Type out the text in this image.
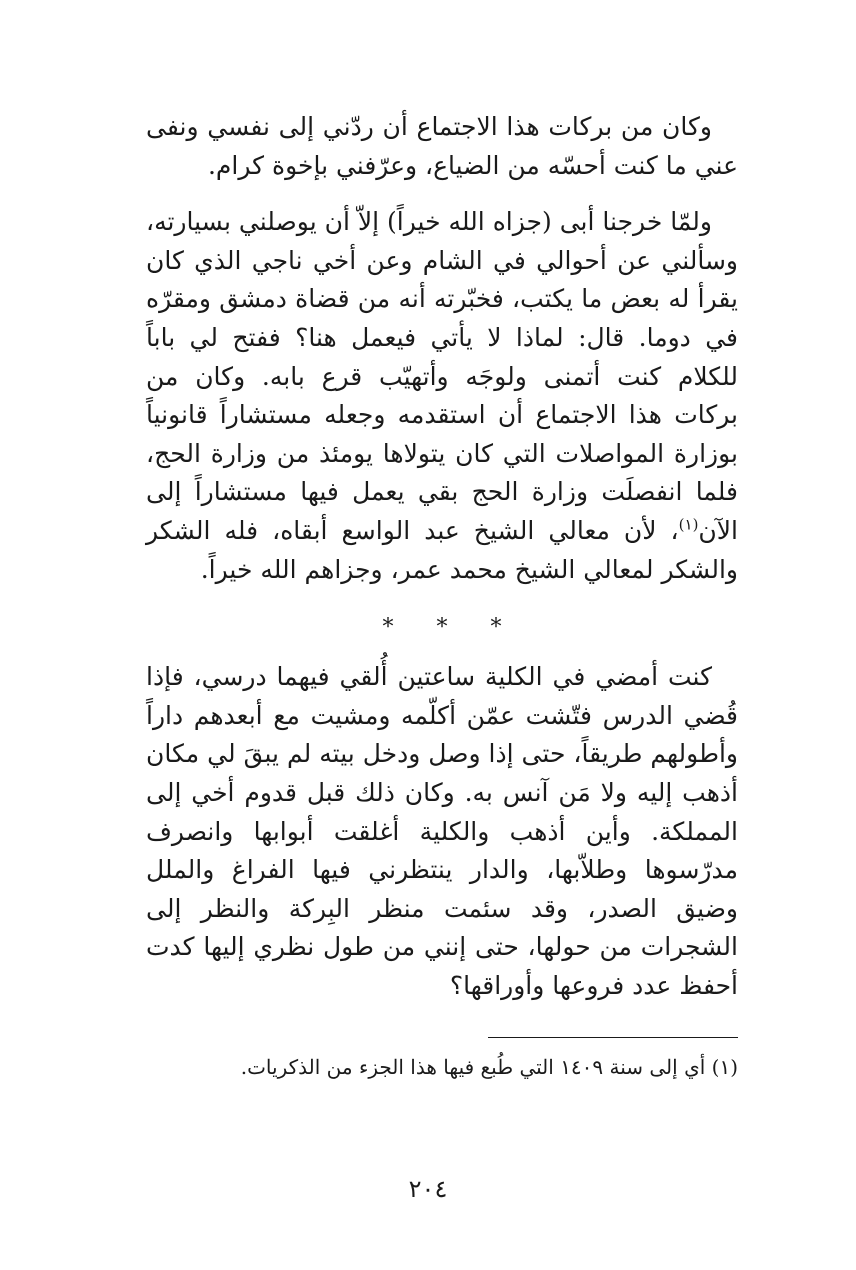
وكان من بركات هذا الاجتماع أن ردّني إلى نفسي ونفى عني ما كنت أحسّه من الضياع، وعرّفني بإخوة كرام.

ولمّا خرجنا أبى (جزاه الله خيراً) إلاّ أن يوصلني بسيارته، وسألني عن أحوالي في الشام وعن أخي ناجي الذي كان يقرأ له بعض ما يكتب، فخبّرته أنه من قضاة دمشق ومقرّه في دوما. قال: لماذا لا يأتي فيعمل هنا؟ ففتح لي باباً للكلام كنت أتمنى ولوجَه وأتهيّب قرع بابه. وكان من بركات هذا الاجتماع أن استقدمه وجعله مستشاراً قانونياً بوزارة المواصلات التي كان يتولاها يومئذ من وزارة الحج، فلما انفصلَت وزارة الحج بقي يعمل فيها مستشاراً إلى الآن$^{(١)}$، لأن معالي الشيخ عبد الواسع أبقاه، فله الشكر والشكر لمعالي الشيخ محمد عمر، وجزاهم الله خيراً.

* * *

كنت أمضي في الكلية ساعتين أُلقي فيهما درسي، فإذا قُضي الدرس فتّشت عمّن أكلّمه ومشيت مع أبعدهم داراً وأطولهم طريقاً، حتى إذا وصل ودخل بيته لم يبقَ لي مكان أذهب إليه ولا مَن آنس به. وكان ذلك قبل قدوم أخي إلى المملكة. وأين أذهب والكلية أغلقت أبوابها وانصرف مدرّسوها وطلاّبها، والدار ينتظرني فيها الفراغ والملل وضيق الصدر، وقد سئمت منظر البِركة والنظر إلى الشجرات من حولها، حتى إنني من طول نظري إليها كدت أحفظ عدد فروعها وأوراقها؟

(١) أي إلى سنة ١٤٠٩ التي طُبع فيها هذا الجزء من الذكريات.
٢٠٤
